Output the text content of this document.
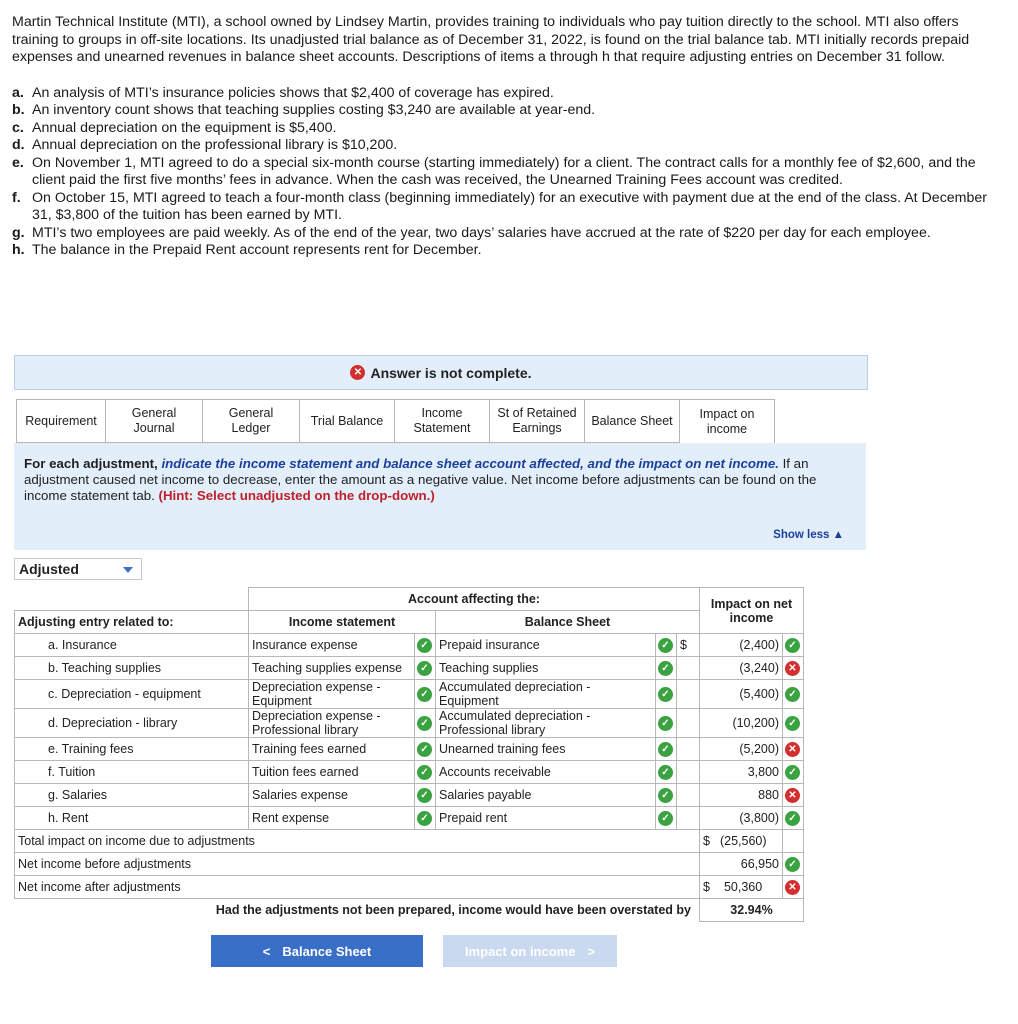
Martin Technical Institute (MTI), a school owned by Lindsey Martin, provides training to individuals who pay tuition directly to the school. MTI also offers training to groups in off-site locations. Its unadjusted trial balance as of December 31, 2022, is found on the trial balance tab. MTI initially records prepaid expenses and unearned revenues in balance sheet accounts. Descriptions of items a through h that require adjusting entries on December 31 follow.

a. An analysis of MTI’s insurance policies shows that $2,400 of coverage has expired.
b. An inventory count shows that teaching supplies costing $3,240 are available at year-end.
c. Annual depreciation on the equipment is $5,400.
d. Annual depreciation on the professional library is $10,200.
e. On November 1, MTI agreed to do a special six-month course (starting immediately) for a client. The contract calls for a monthly fee of $2,600, and the client paid the first five months’ fees in advance. When the cash was received, the Unearned Training Fees account was credited.
f. On October 15, MTI agreed to teach a four-month class (beginning immediately) for an executive with payment due at the end of the class. At December 31, $3,800 of the tuition has been earned by MTI.
g. MTI’s two employees are paid weekly. As of the end of the year, two days’ salaries have accrued at the rate of $220 per day for each employee.
h. The balance in the Prepaid Rent account represents rent for December.
✕ Answer is not complete.
Requirement
General Journal
General Ledger
Trial Balance
Income Statement
St of Retained Earnings
Balance Sheet	Impact on income
For each adjustment, indicate the income statement and balance sheet account affected, and the impact on net income. If an adjustment caused net income to decrease, enter the amount as a negative value. Net income before adjustments can be found on the income statement tab. (Hint: Select unadjusted on the drop-down.)
Show less ▲
Adjusted
	Account affecting the:					Impact on net income	
Adjusting entry related to:	Income statement		Balance Sheet				
a. Insurance	Insurance expense	✓	Prepaid insurance	✓	$	(2,400)	✓
b. Teaching supplies	Teaching supplies expense	✓	Teaching supplies	✓		(3,240)	✕
c. Depreciation - equipment	Depreciation expense - Equipment	✓	Accumulated depreciation - Equipment	✓		(5,400)	✓
d. Depreciation - library	Depreciation expense - Professional library	✓	Accumulated depreciation - Professional library	✓		(10,200)	✓
e. Training fees	Training fees earned	✓	Unearned training fees	✓		(5,200)	✕
f. Tuition	Tuition fees earned	✓	Accounts receivable	✓		3,800	✓
g. Salaries	Salaries expense	✓	Salaries payable	✓		880	✕
h. Rent	Rent expense	✓	Prepaid rent	✓		(3,800)	✓
Total impact on income due to adjustments						$ (25,560)	
Net income before adjustments						66,950	✓
Net income after adjustments						$ 50,360	✕
Had the adjustments not been prepared, income would have been overstated by						32.94%	
< Balance Sheet	Impact on income >
